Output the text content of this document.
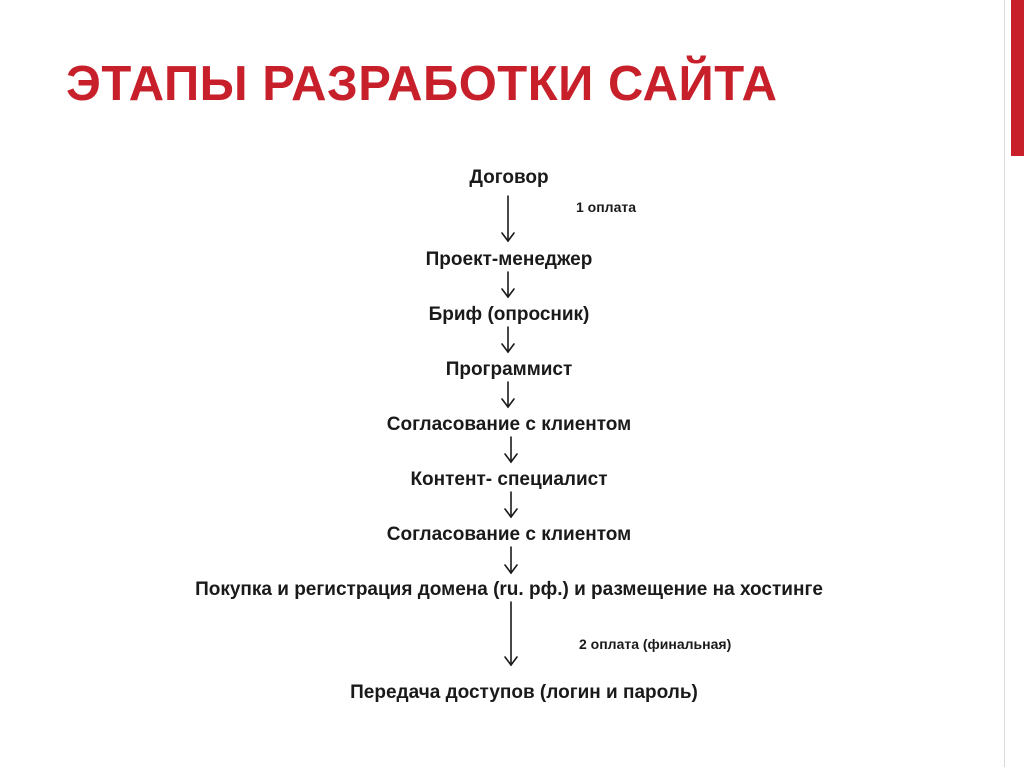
ЭТАПЫ РАЗРАБОТКИ САЙТА
Договор
1 оплата
Проект-менеджер
Бриф (опросник)
Программист
Согласование с клиентом
Контент- специалист
Согласование с клиентом
Покупка и регистрация домена (ru. рф.) и размещение на хостинге
2 оплата (финальная)
Передача доступов (логин и пароль)
